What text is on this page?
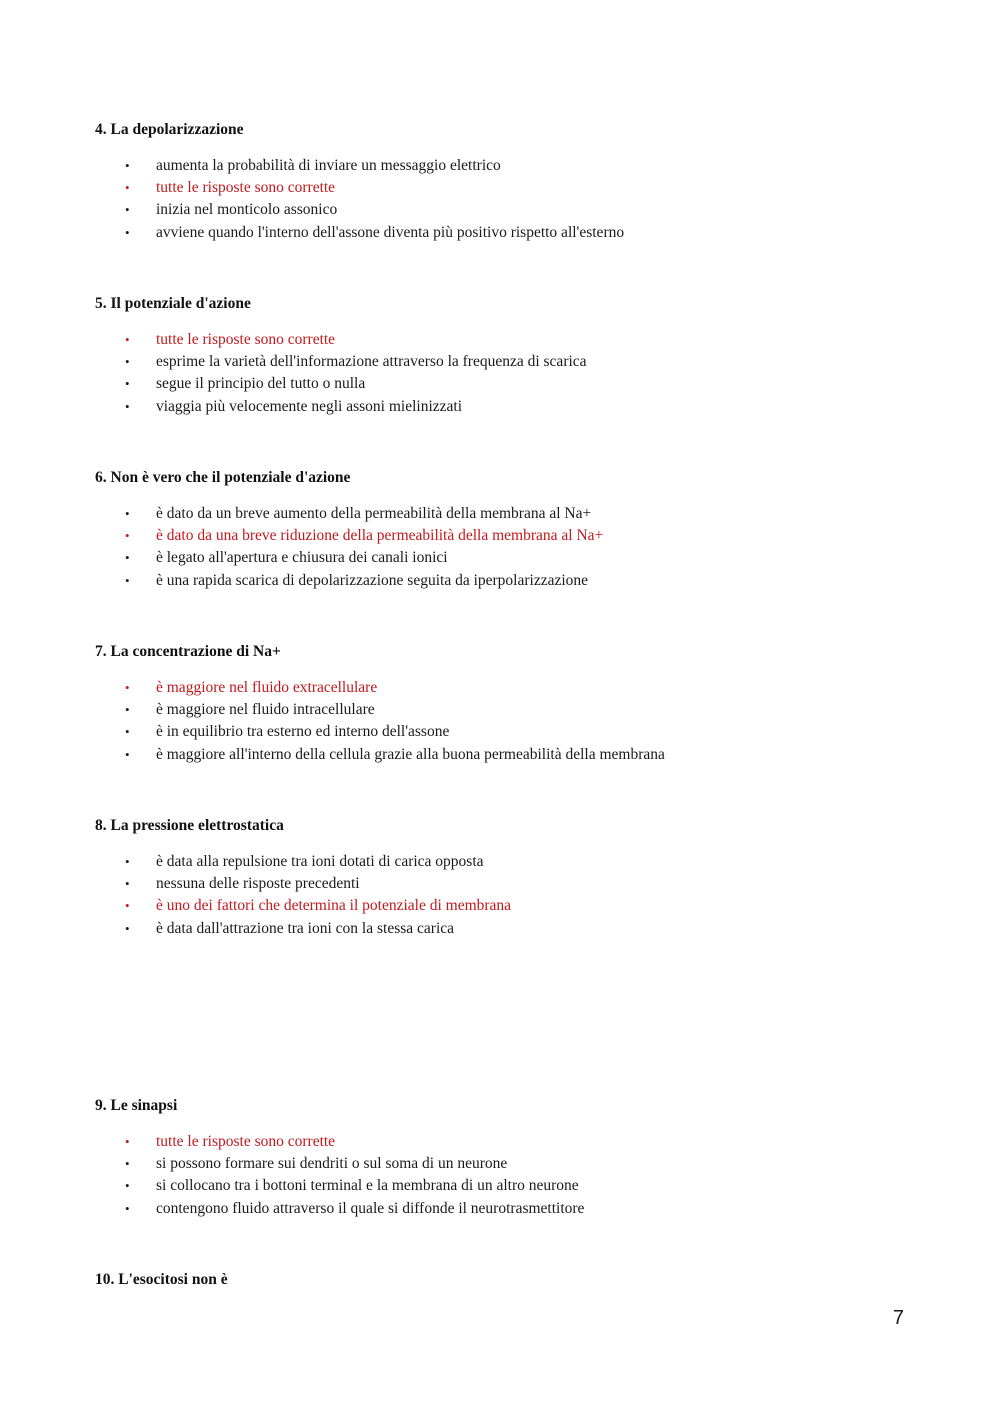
4. La depolarizzazione

• aumenta la probabilità di inviare un messaggio elettrico
• tutte le risposte sono corrette
• inizia nel monticolo assonico
• avviene quando l'interno dell'assone diventa più positivo rispetto all'esterno

5. Il potenziale d'azione

• tutte le risposte sono corrette
• esprime la varietà dell'informazione attraverso la frequenza di scarica
• segue il principio del tutto o nulla
• viaggia più velocemente negli assoni mielinizzati

6. Non è vero che il potenziale d'azione

• è dato da un breve aumento della permeabilità della membrana al Na+
• è dato da una breve riduzione della permeabilità della membrana al Na+
• è legato all'apertura e chiusura dei canali ionici
• è una rapida scarica di depolarizzazione seguita da iperpolarizzazione

7. La concentrazione di Na+

• è maggiore nel fluido extracellulare
• è maggiore nel fluido intracellulare
• è in equilibrio tra esterno ed interno dell'assone
• è maggiore all'interno della cellula grazie alla buona permeabilità della membrana

8. La pressione elettrostatica

• è data alla repulsione tra ioni dotati di carica opposta
• nessuna delle risposte precedenti
• è uno dei fattori che determina il potenziale di membrana
• è data dall'attrazione tra ioni con la stessa carica

9. Le sinapsi

• tutte le risposte sono corrette
• si possono formare sui dendriti o sul soma di un neurone
• si collocano tra i bottoni terminal e la membrana di un altro neurone
• contengono fluido attraverso il quale si diffonde il neurotrasmettitore

10. L'esocitosi non è

7
